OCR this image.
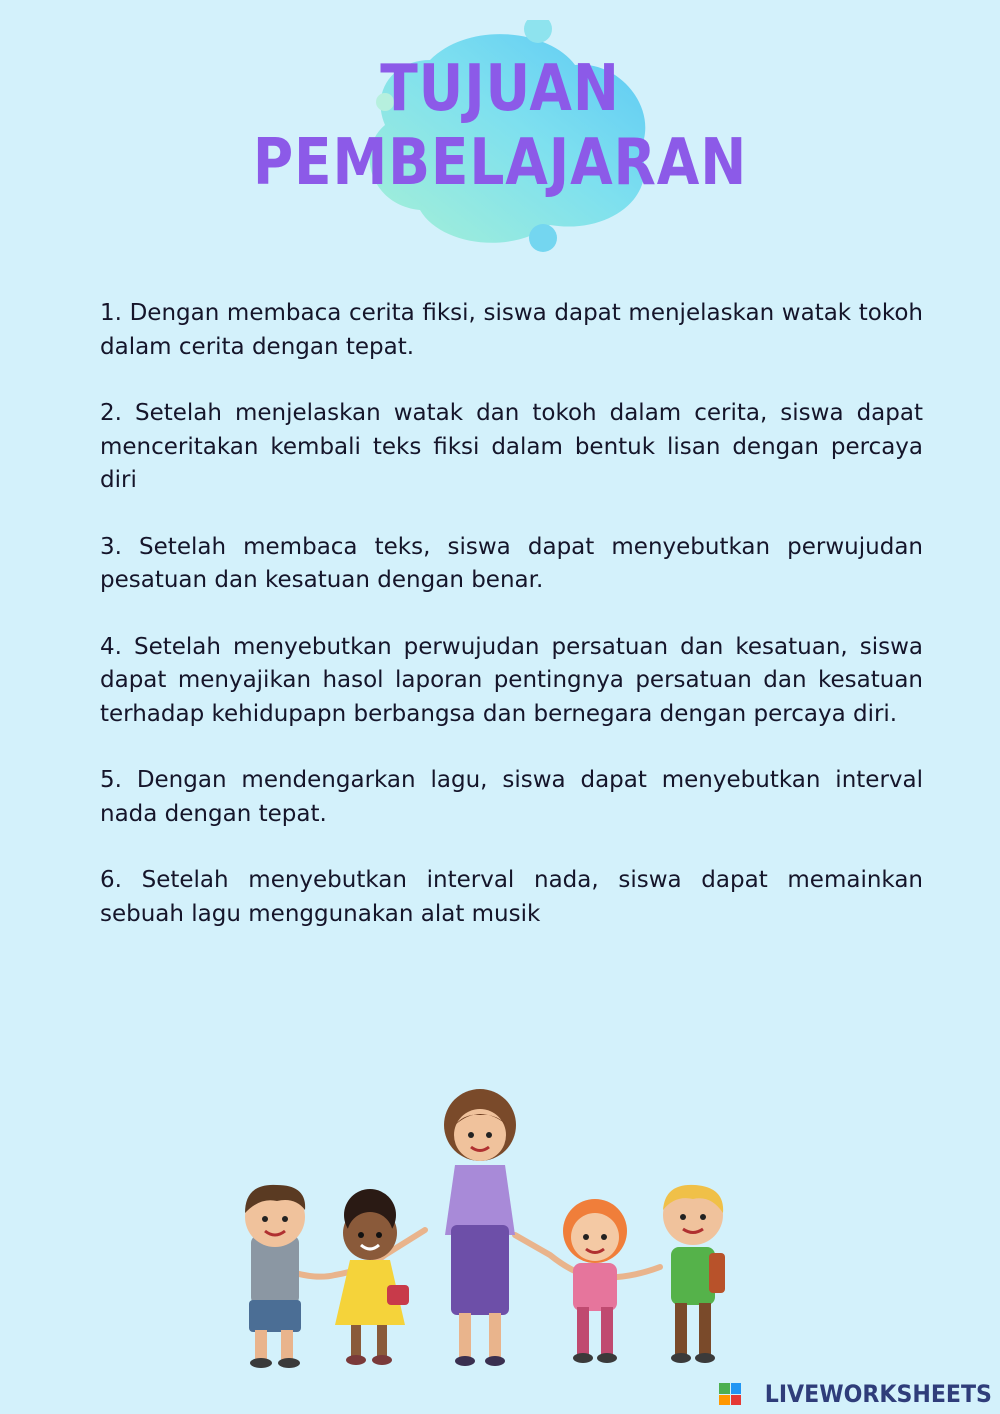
TUJUAN
PEMBELAJARAN
1. Dengan membaca cerita fiksi, siswa dapat menjelaskan watak tokoh dalam cerita dengan tepat.
2. Setelah menjelaskan watak dan tokoh dalam cerita, siswa dapat menceritakan kembali teks fiksi dalam bentuk lisan dengan percaya diri
3. Setelah membaca teks, siswa dapat menyebutkan perwujudan pesatuan dan kesatuan dengan benar.
4. Setelah menyebutkan perwujudan persatuan dan kesatuan, siswa dapat menyajikan hasol laporan pentingnya persatuan dan kesatuan terhadap kehidupapn berbangsa dan bernegara dengan percaya diri.
5. Dengan mendengarkan lagu, siswa dapat menyebutkan interval nada dengan tepat.
6. Setelah menyebutkan interval nada, siswa dapat memainkan sebuah lagu menggunakan alat musik
LIVEWORKSHEETS
